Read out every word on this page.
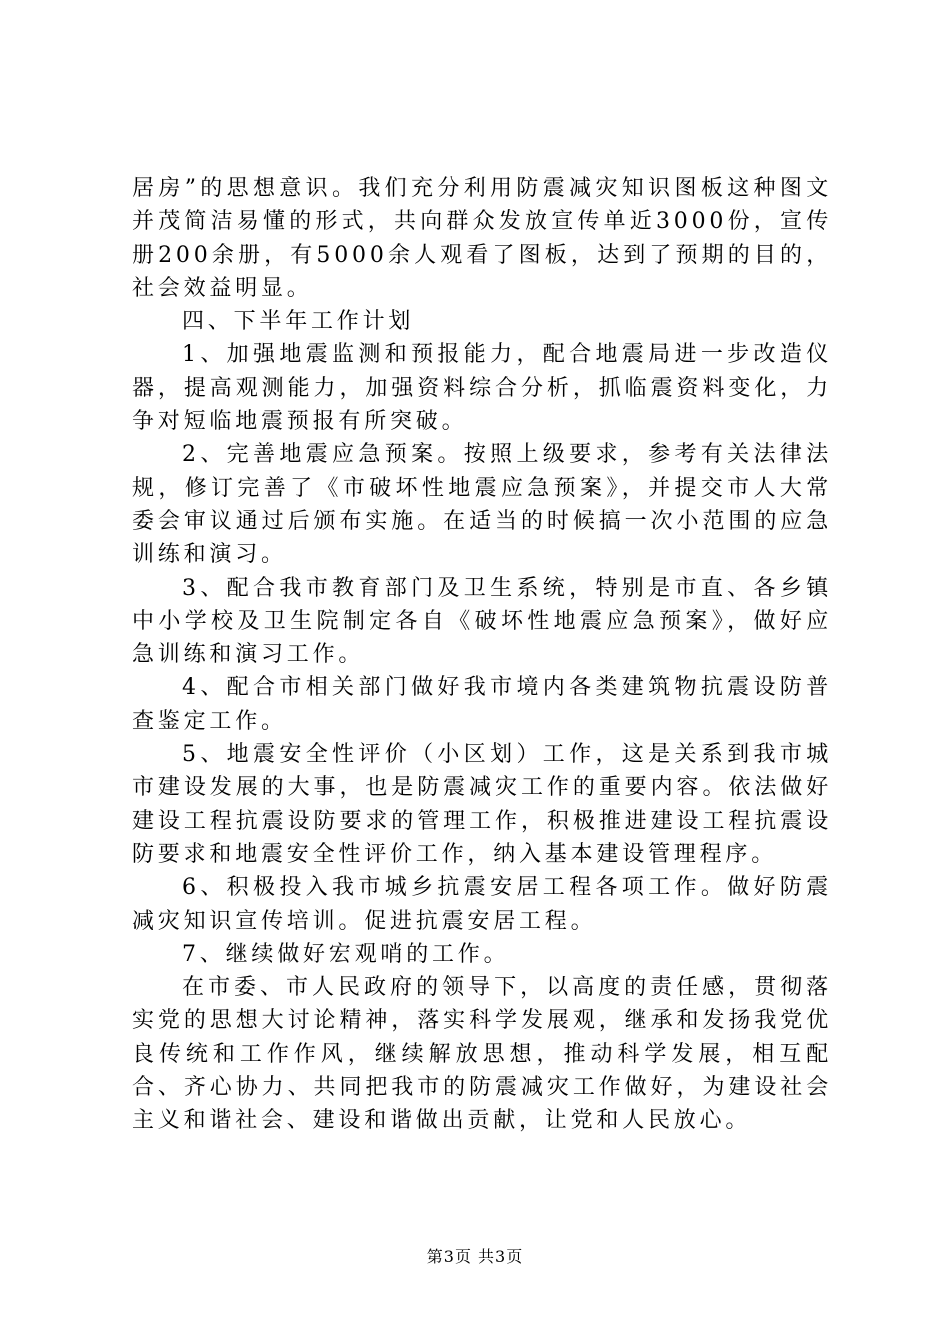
居房”的思想意识。我们充分利用防震减灾知识图板这种图文并茂简洁易懂的形式，共向群众发放宣传单近3000份，宣传册200余册，有5000余人观看了图板，达到了预期的目的，社会效益明显。

四、下半年工作计划

1、加强地震监测和预报能力，配合地震局进一步改造仪器，提高观测能力，加强资料综合分析，抓临震资料变化，力争对短临地震预报有所突破。

2、完善地震应急预案。按照上级要求，参考有关法律法规，修订完善了《市破坏性地震应急预案》，并提交市人大常委会审议通过后颁布实施。在适当的时候搞一次小范围的应急训练和演习。

3、配合我市教育部门及卫生系统，特别是市直、各乡镇中小学校及卫生院制定各自《破坏性地震应急预案》，做好应急训练和演习工作。

4、配合市相关部门做好我市境内各类建筑物抗震设防普查鉴定工作。

5、地震安全性评价（小区划）工作，这是关系到我市城市建设发展的大事，也是防震减灾工作的重要内容。依法做好建设工程抗震设防要求的管理工作，积极推进建设工程抗震设防要求和地震安全性评价工作，纳入基本建设管理程序。

6、积极投入我市城乡抗震安居工程各项工作。做好防震减灾知识宣传培训。促进抗震安居工程。

7、继续做好宏观哨的工作。

在市委、市人民政府的领导下，以高度的责任感，贯彻落实党的思想大讨论精神，落实科学发展观，继承和发扬我党优良传统和工作作风，继续解放思想，推动科学发展，相互配合、齐心协力、共同把我市的防震减灾工作做好，为建设社会主义和谐社会、建设和谐做出贡献，让党和人民放心。

第3页 共3页
